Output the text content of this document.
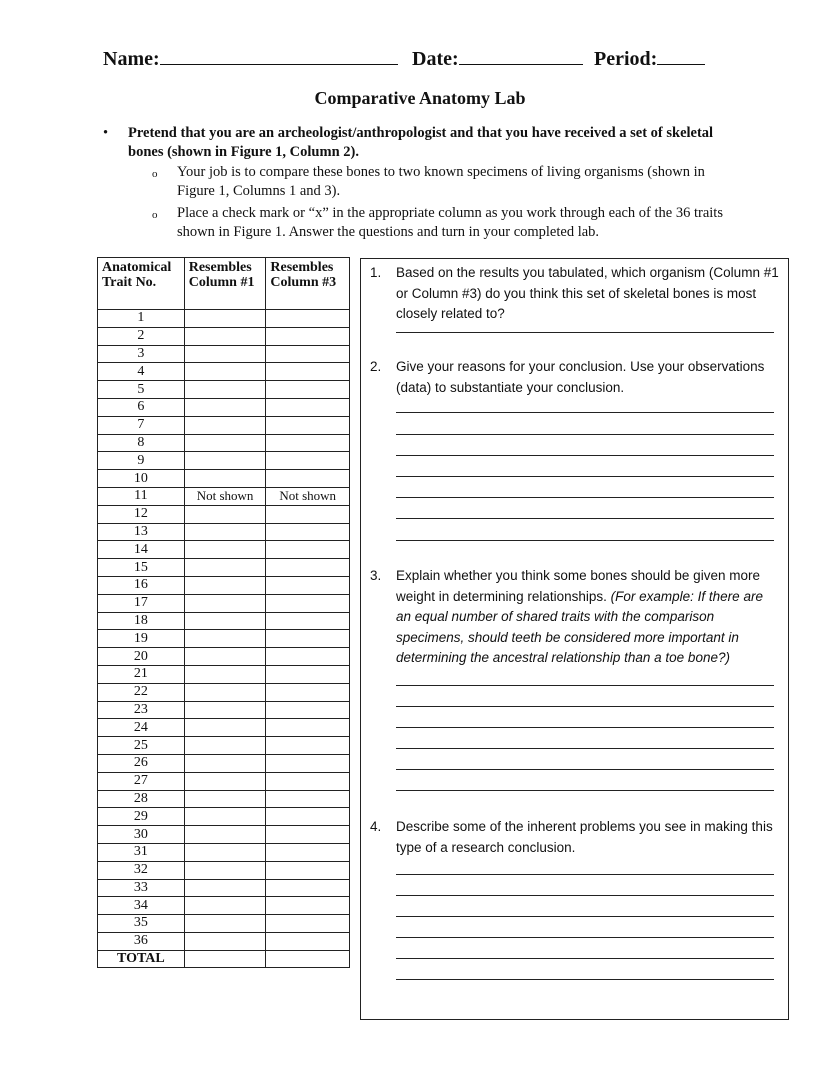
Name:	Date:	Period:
Comparative Anatomy Lab
• Pretend that you are an archeologist/anthropologist and that you have received a set of skeletal bones (shown in Figure 1, Column 2).
o Your job is to compare these bones to two known specimens of living organisms (shown in Figure 1, Columns 1 and 3).
o Place a check mark or “x” in the appropriate column as you work through each of the 36 traits shown in Figure 1. Answer the questions and turn in your completed lab.
Anatomical Trait No.	Resembles Column #1	Resembles Column #3
1		
2		
3		
4		
5		
6		
7		
8		
9		
10		
11	Not shown	Not shown
12		
13		
14		
15		
16		
17		
18		
19		
20		
21		
22		
23		
24		
25		
26		
27		
28		
29		
30		
31		
32		
33		
34		
35		
36		
TOTAL		
1. Based on the results you tabulated, which organism (Column #1 or Column #3) do you think this set of skeletal bones is most closely related to?
2. Give your reasons for your conclusion. Use your observations (data) to substantiate your conclusion.
3. Explain whether you think some bones should be given more weight in determining relationships. (For example: If there are an equal number of shared traits with the comparison specimens, should teeth be considered more important in determining the ancestral relationship than a toe bone?)
4. Describe some of the inherent problems you see in making this type of a research conclusion.
